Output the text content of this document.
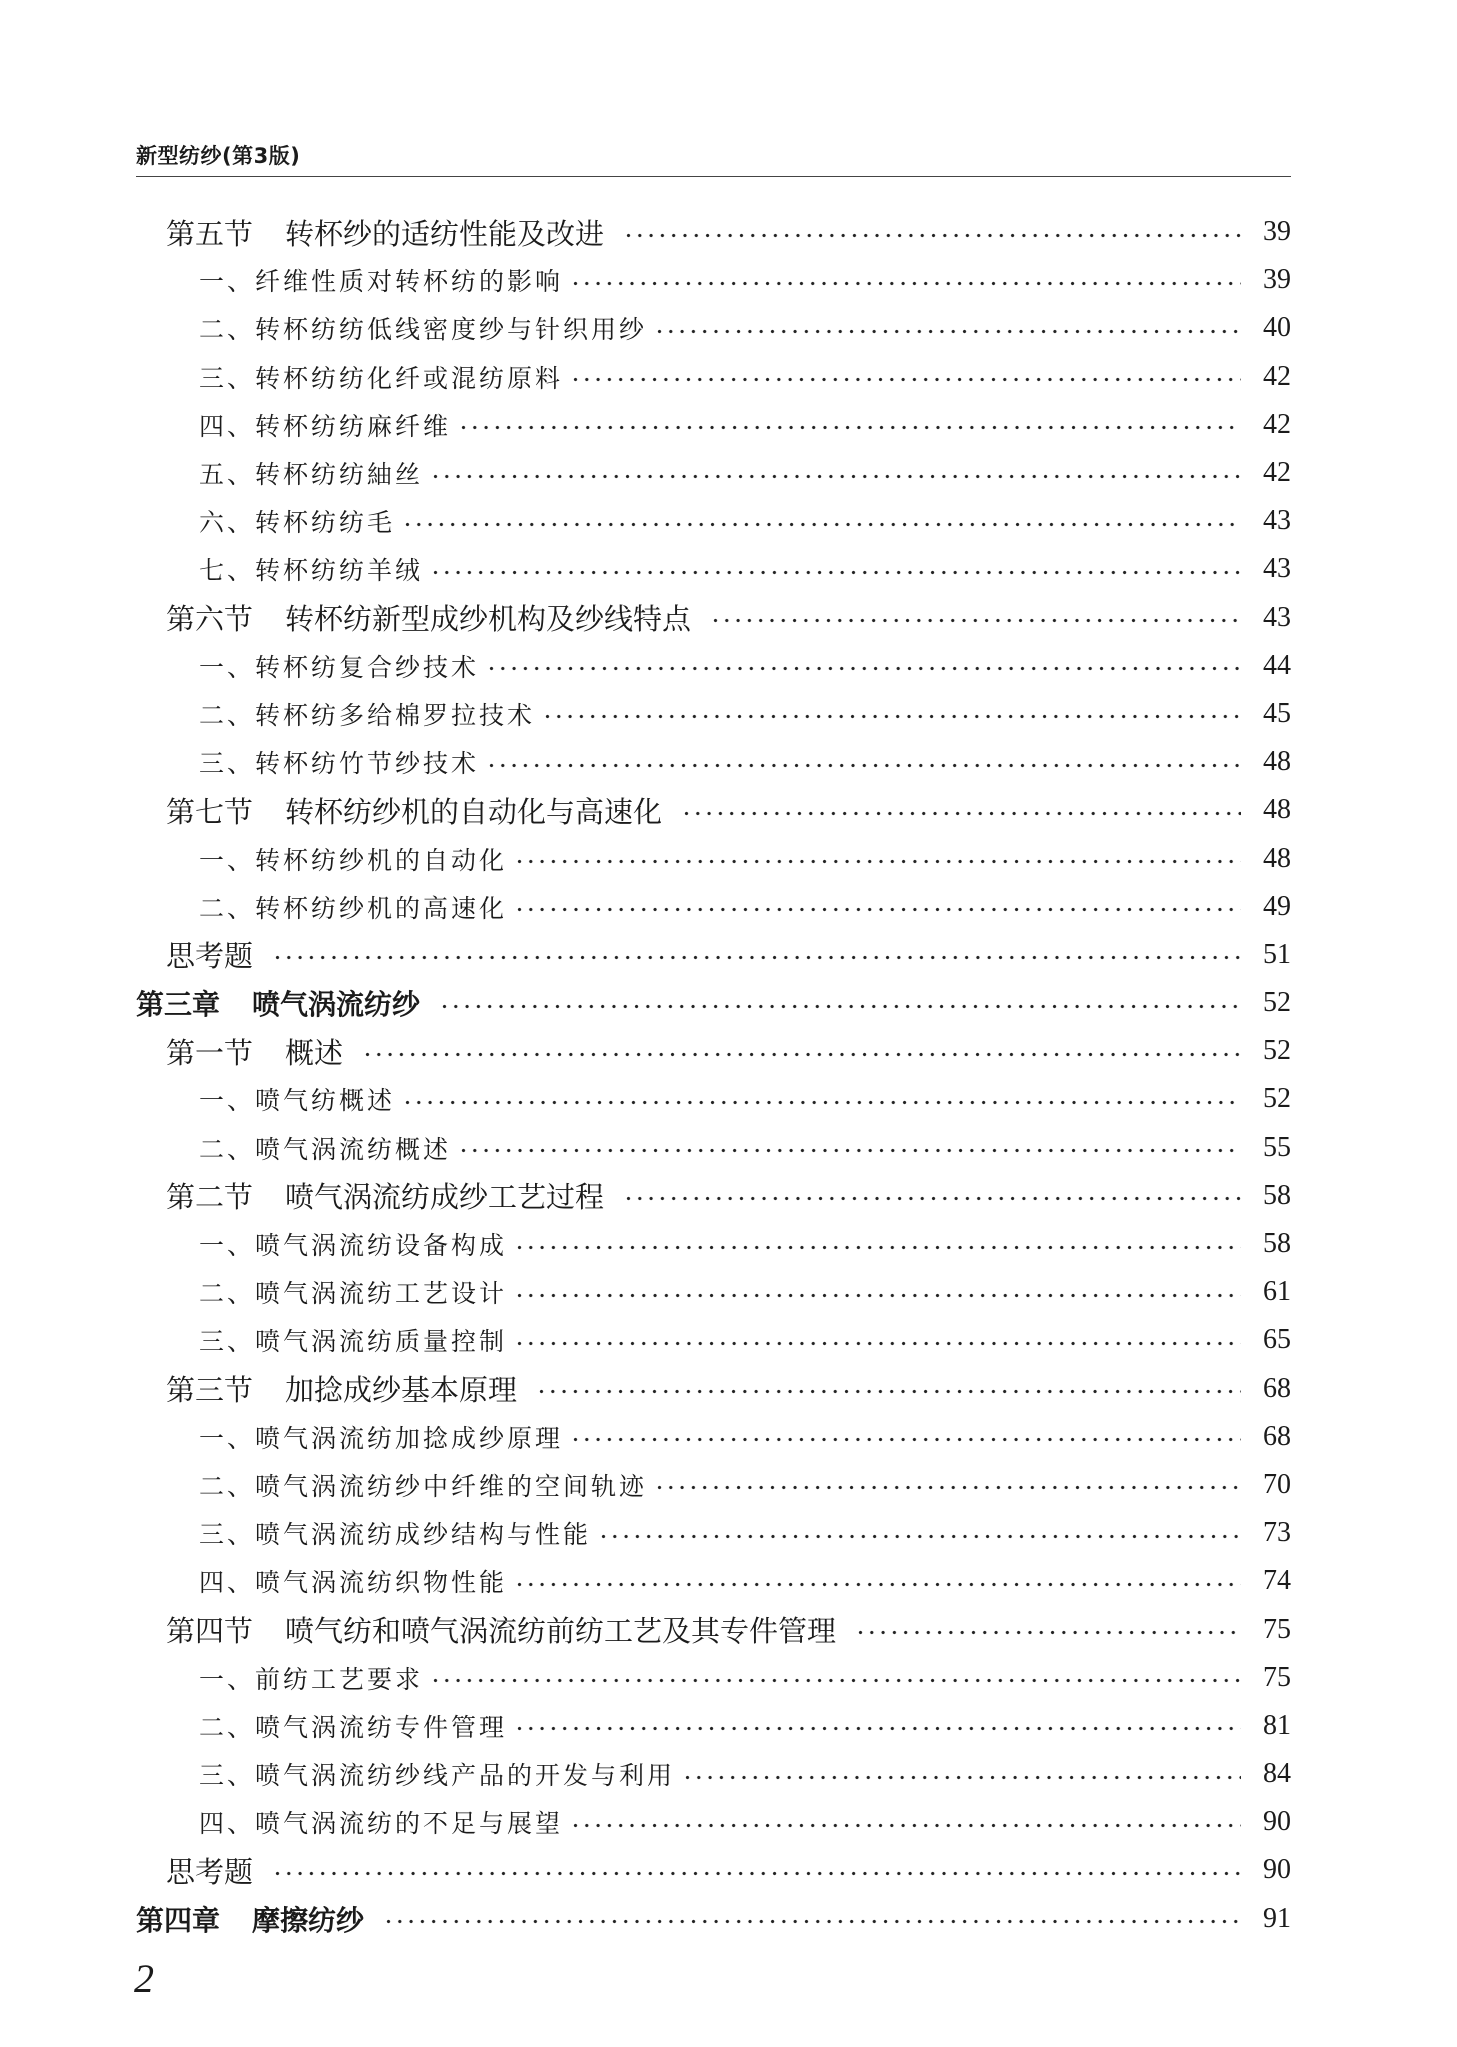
新型纺纱(第3版)
第五节 转杯纱的适纺性能及改进	39
一、纤维性质对转杯纺的影响	39
二、转杯纺纺低线密度纱与针织用纱	40
三、转杯纺纺化纤或混纺原料	42
四、转杯纺纺麻纤维	42
五、转杯纺纺紬丝	42
六、转杯纺纺毛	43
七、转杯纺纺羊绒	43
第六节 转杯纺新型成纱机构及纱线特点	43
一、转杯纺复合纱技术	44
二、转杯纺多给棉罗拉技术	45
三、转杯纺竹节纱技术	48
第七节 转杯纺纱机的自动化与高速化	48
一、转杯纺纱机的自动化	48
二、转杯纺纱机的高速化	49
思考题	51
第三章 喷气涡流纺纱	52
第一节 概述	52
一、喷气纺概述	52
二、喷气涡流纺概述	55
第二节 喷气涡流纺成纱工艺过程	58
一、喷气涡流纺设备构成	58
二、喷气涡流纺工艺设计	61
三、喷气涡流纺质量控制	65
第三节 加捻成纱基本原理	68
一、喷气涡流纺加捻成纱原理	68
二、喷气涡流纺纱中纤维的空间轨迹	70
三、喷气涡流纺成纱结构与性能	73
四、喷气涡流纺织物性能	74
第四节 喷气纺和喷气涡流纺前纺工艺及其专件管理	75
一、前纺工艺要求	75
二、喷气涡流纺专件管理	81
三、喷气涡流纺纱线产品的开发与利用	84
四、喷气涡流纺的不足与展望	90
思考题	90
第四章 摩擦纺纱	91
2
